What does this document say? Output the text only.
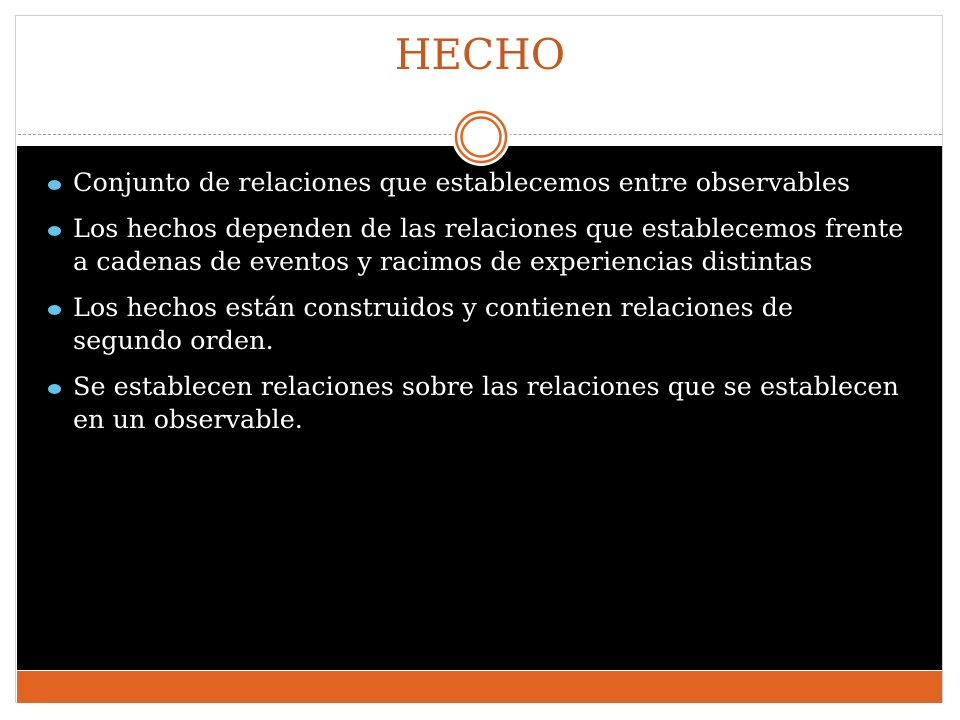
HECHO
Conjunto de relaciones que establecemos entre observables
Los hechos dependen de las relaciones que establecemos frente a cadenas de eventos y racimos de experiencias distintas
Los hechos están construidos y contienen relaciones de segundo orden.
Se establecen relaciones sobre las relaciones que se establecen en un observable.
